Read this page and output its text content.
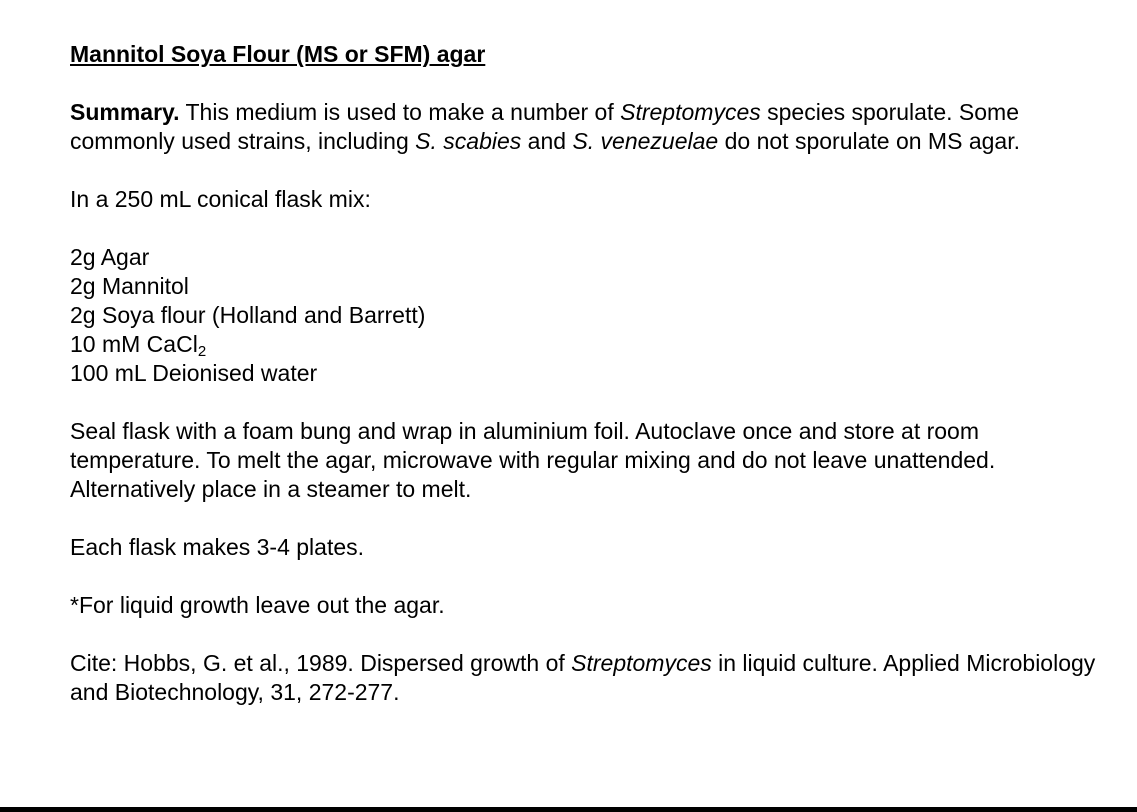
Mannitol Soya Flour (MS or SFM) agar

Summary. This medium is used to make a number of Streptomyces species sporulate. Some commonly used strains, including S. scabies and S. venezuelae do not sporulate on MS agar.

In a 250 mL conical flask mix:

2g Agar
2g Mannitol
2g Soya flour (Holland and Barrett)
10 mM CaCl$_2$
100 mL Deionised water

Seal flask with a foam bung and wrap in aluminium foil. Autoclave once and store at room temperature. To melt the agar, microwave with regular mixing and do not leave unattended. Alternatively place in a steamer to melt.

Each flask makes 3-4 plates.

*For liquid growth leave out the agar.

Cite: Hobbs, G. et al., 1989. Dispersed growth of Streptomyces in liquid culture. Applied Microbiology and Biotechnology, 31, 272-277.
